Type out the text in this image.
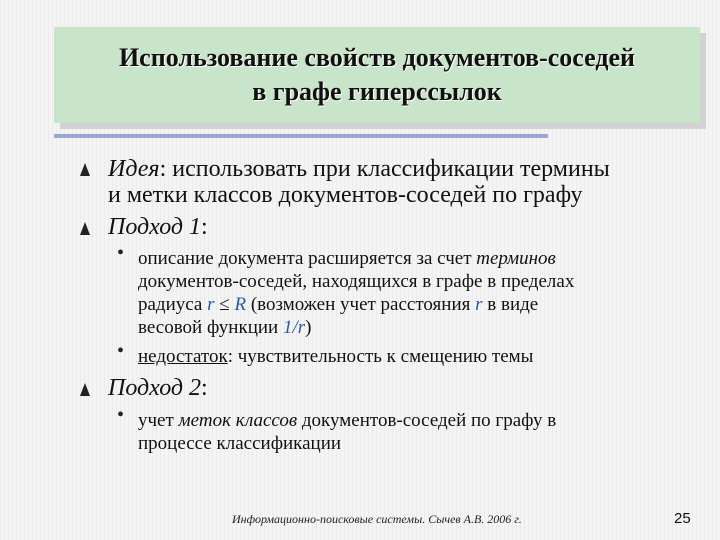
Использование свойств документов-соседей
в графе гиперссылок
Идея: использовать при классификации термины
и метки классов документов-соседей по графу
Подход 1:
• описание документа расширяется за счет терминов
документов-соседей, находящихся в графе в пределах
радиуса r ≤ R (возможен учет расстояния r в виде
весовой функции 1/r)
• недостаток: чувствительность к смещению темы
Подход 2:
• учет меток классов документов-соседей по графу в
процессе классификации
Информационно-поисковые системы. Сычев А.В. 2006 г.	25
